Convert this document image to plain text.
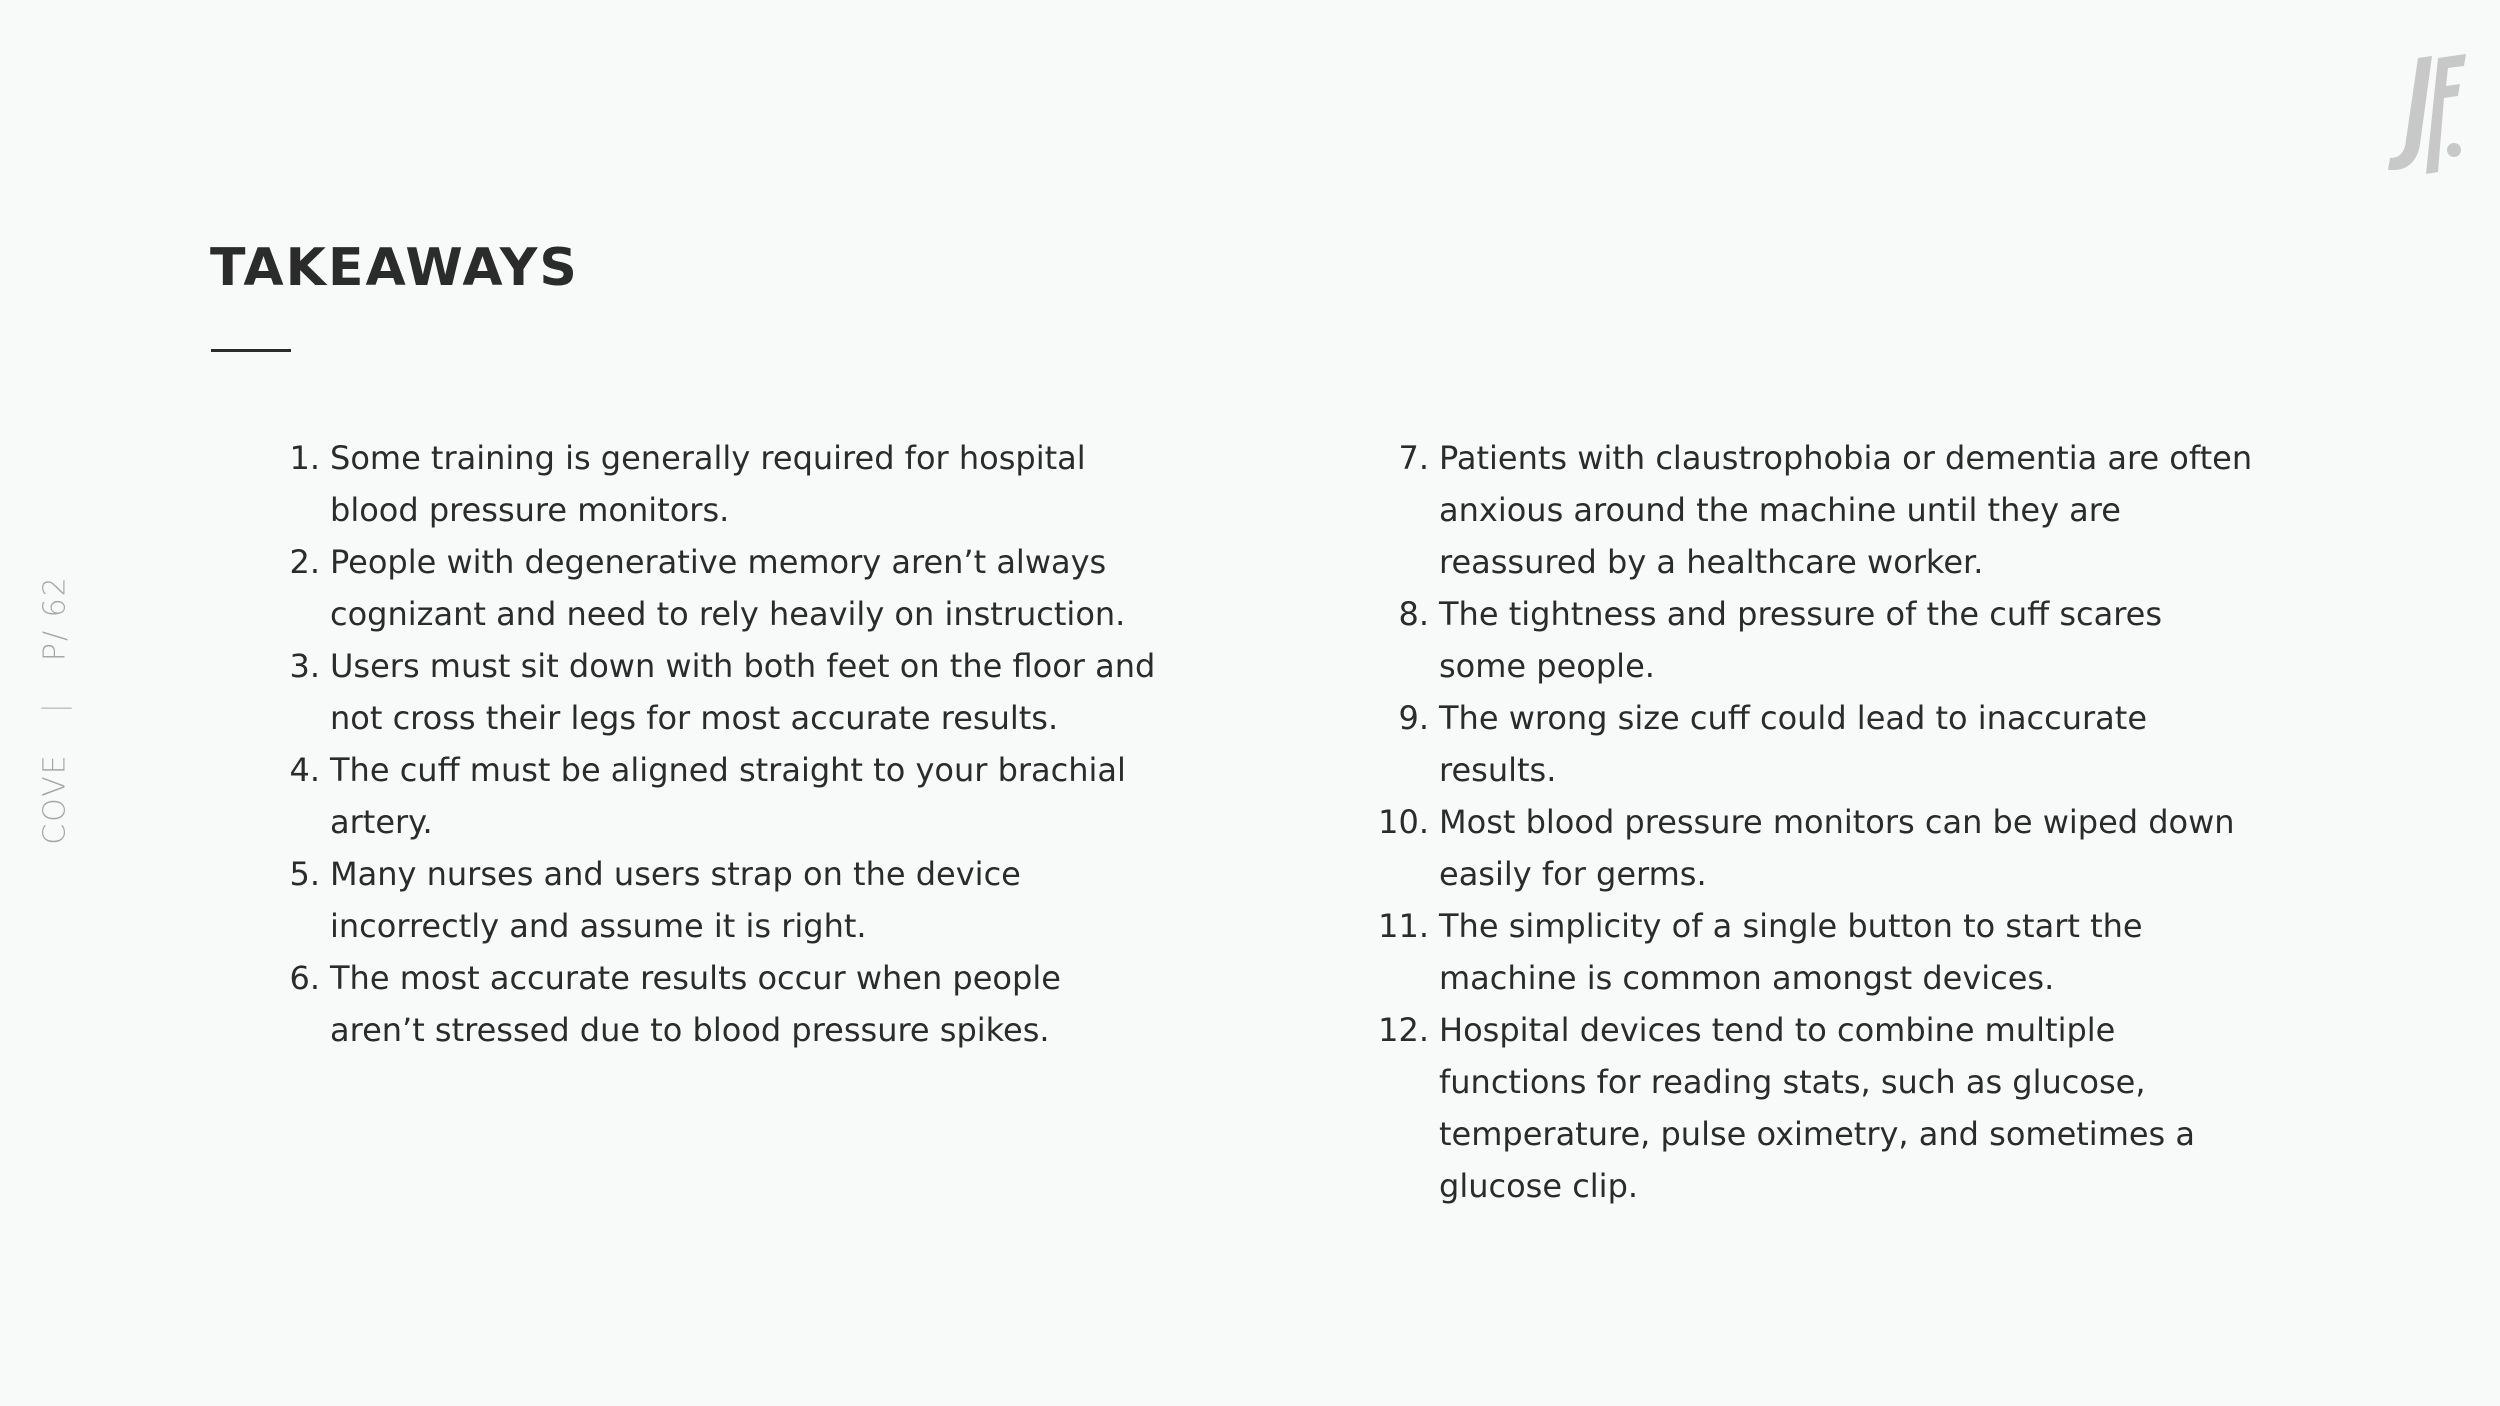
COVE|P/ 62
TAKEAWAYS
1. Some training is generally required for hospital blood pressure monitors.
2. People with degenerative memory aren’t always cognizant and need to rely heavily on instruction.
3. Users must sit down with both feet on the floor and not cross their legs for most accurate results.
4. The cuff must be aligned straight to your brachial artery.
5. Many nurses and users strap on the device incorrectly and assume it is right.
6. The most accurate results occur when people aren’t stressed due to blood pressure spikes.
7. Patients with claustrophobia or dementia are often anxious around the machine until they are reassured by a healthcare worker.
8. The tightness and pressure of the cuff scares some people.
9. The wrong size cuff could lead to inaccurate results.
10. Most blood pressure monitors can be wiped down easily for germs.
11. The simplicity of a single button to start the machine is common amongst devices.
12. Hospital devices tend to combine multiple functions for reading stats, such as glucose, temperature, pulse oximetry, and sometimes a glucose clip.
